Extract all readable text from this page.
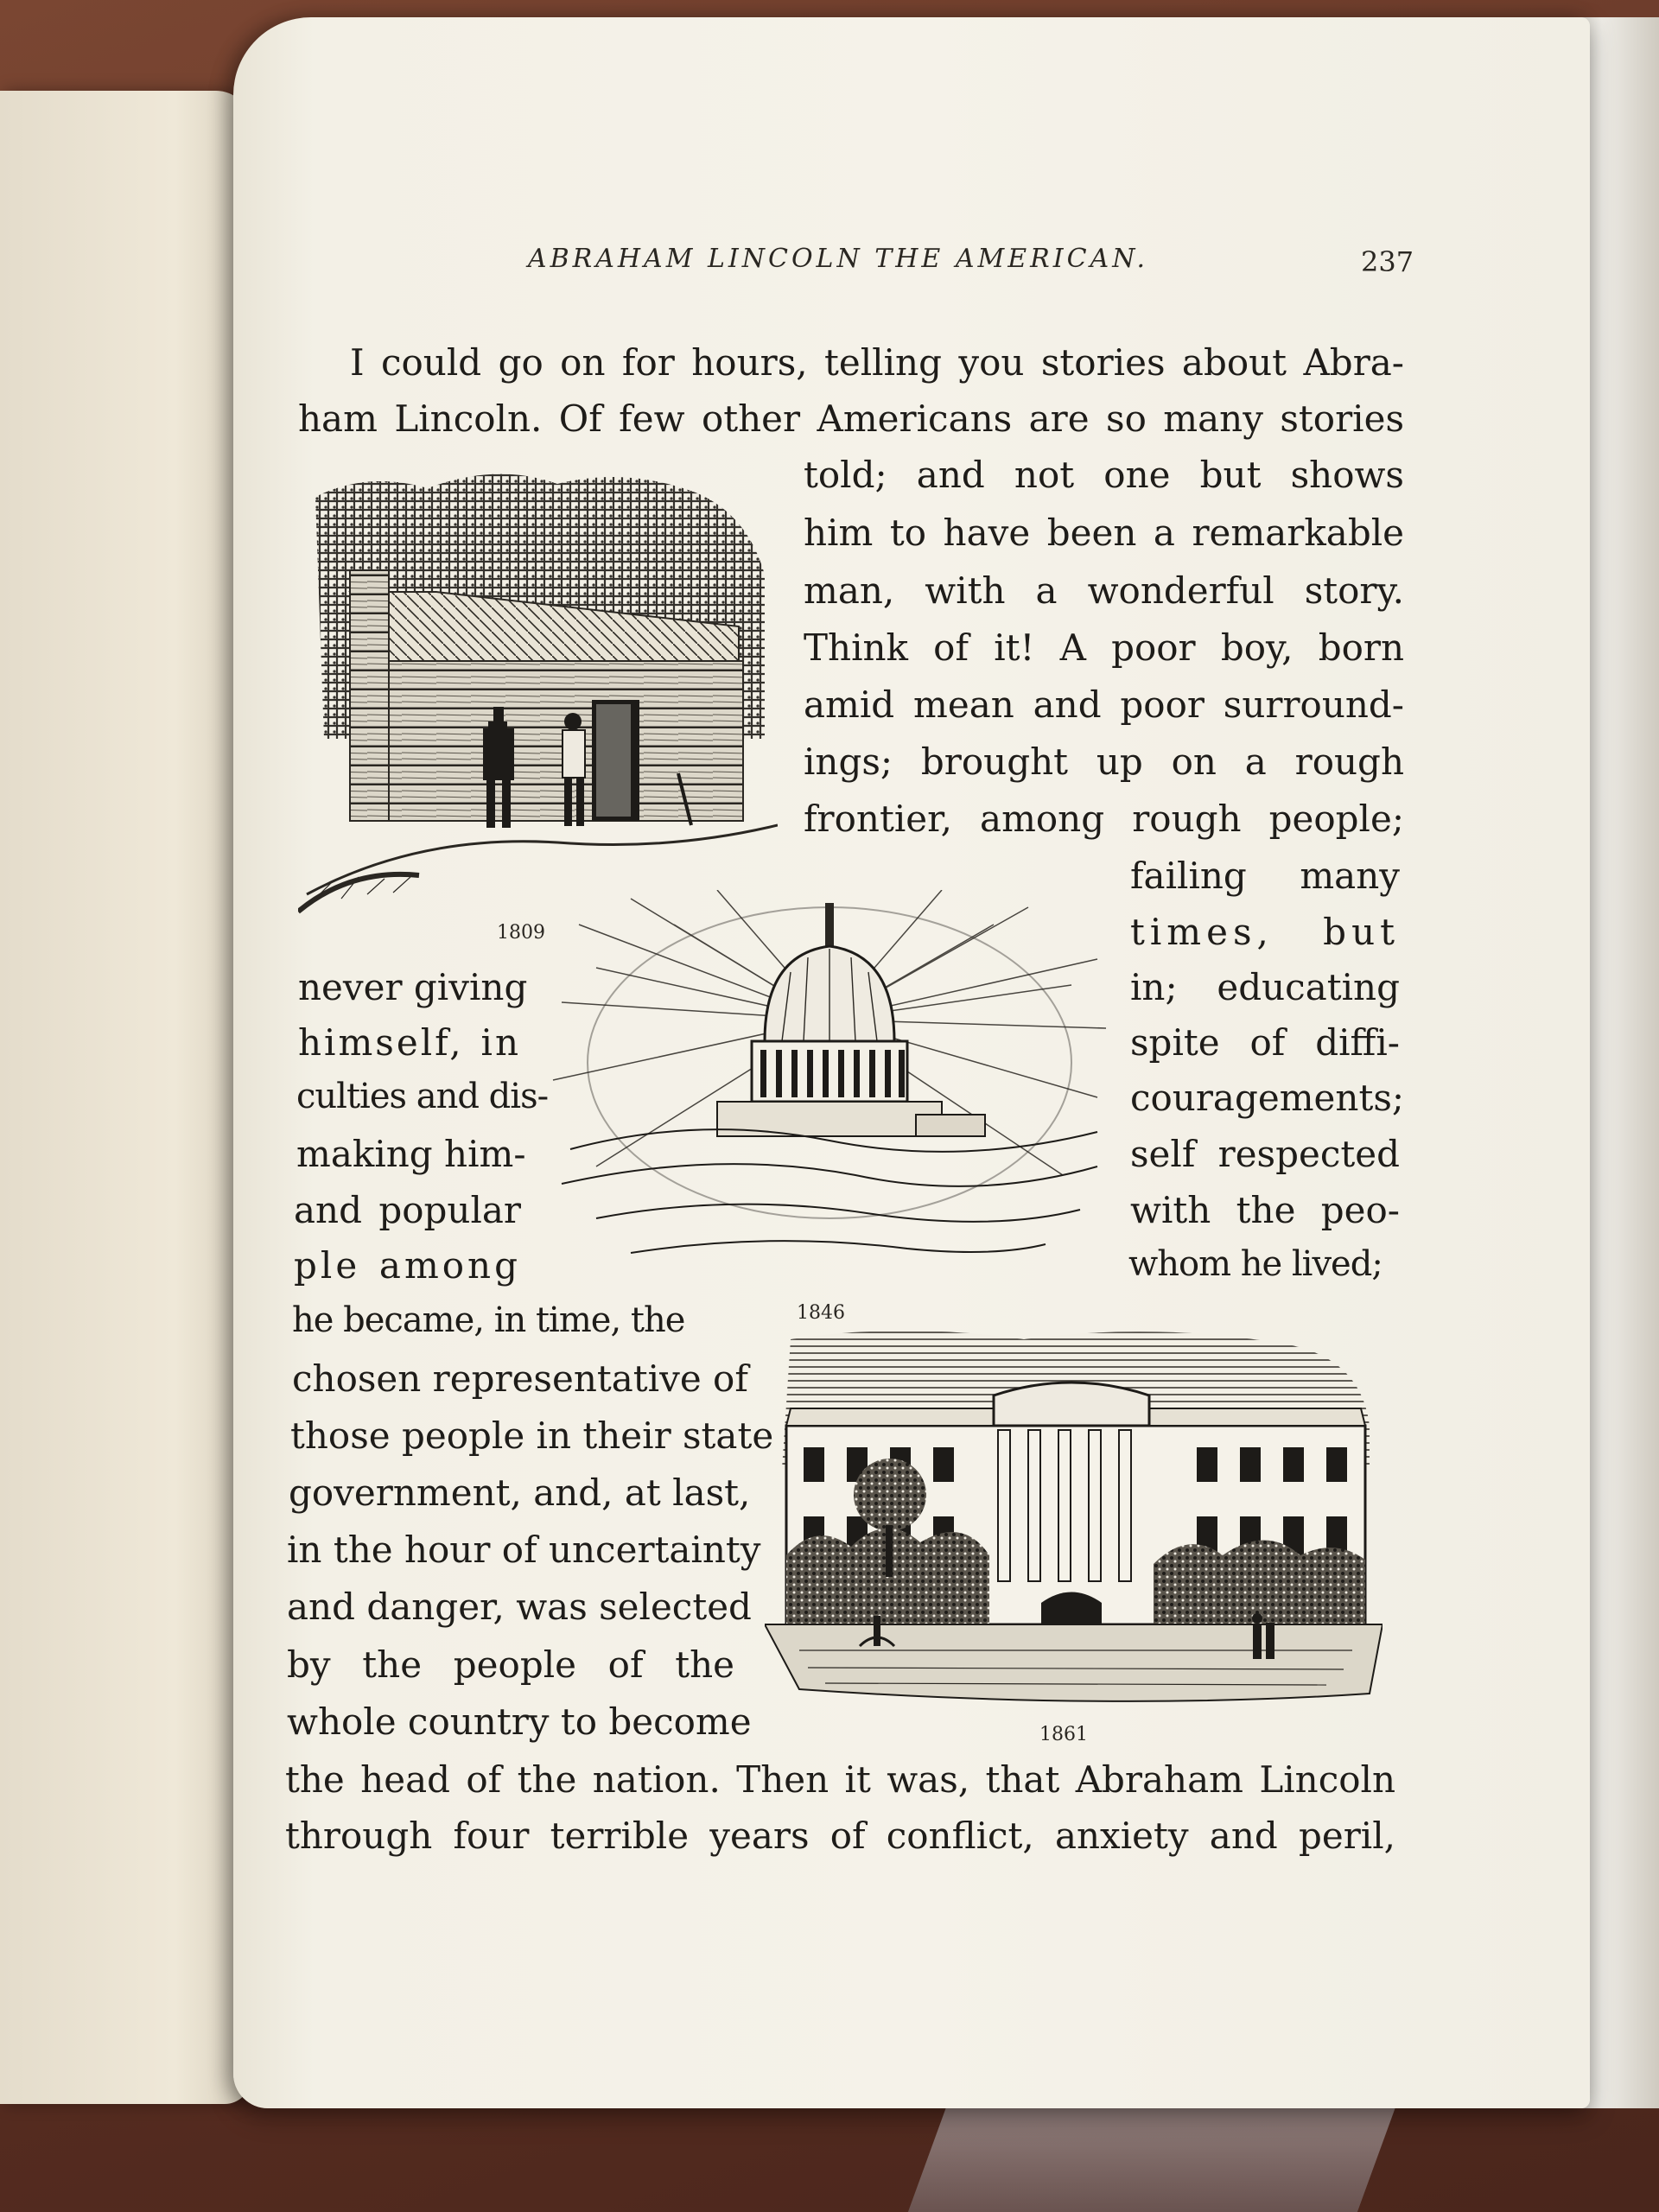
ABRAHAM LINCOLN THE AMERICAN.	237
I could go on for hours, telling you stories about Abra-
ham Lincoln. Of few other Americans are so many stories
told; and not one but shows
him to have been a remarkable
man, with a wonderful story.
Think of it! A poor boy, born
amid mean and poor surround-
ings; brought up on a rough
frontier, among rough people;
failing many
times, but
never giving	in; educating
himself, in	spite of diffi-
culties and dis-	couragements;
making him-	self respected
and popular	with the peo-
ple among	whom he lived;
he became, in time, the
chosen representative of
those people in their state
government, and, at last,
in the hour of uncertainty
and danger, was selected
by the people of the
whole country to become
the head of the nation. Then it was, that Abraham Lincoln
through four terrible years of conflict, anxiety and peril,
1809
1846
1861
